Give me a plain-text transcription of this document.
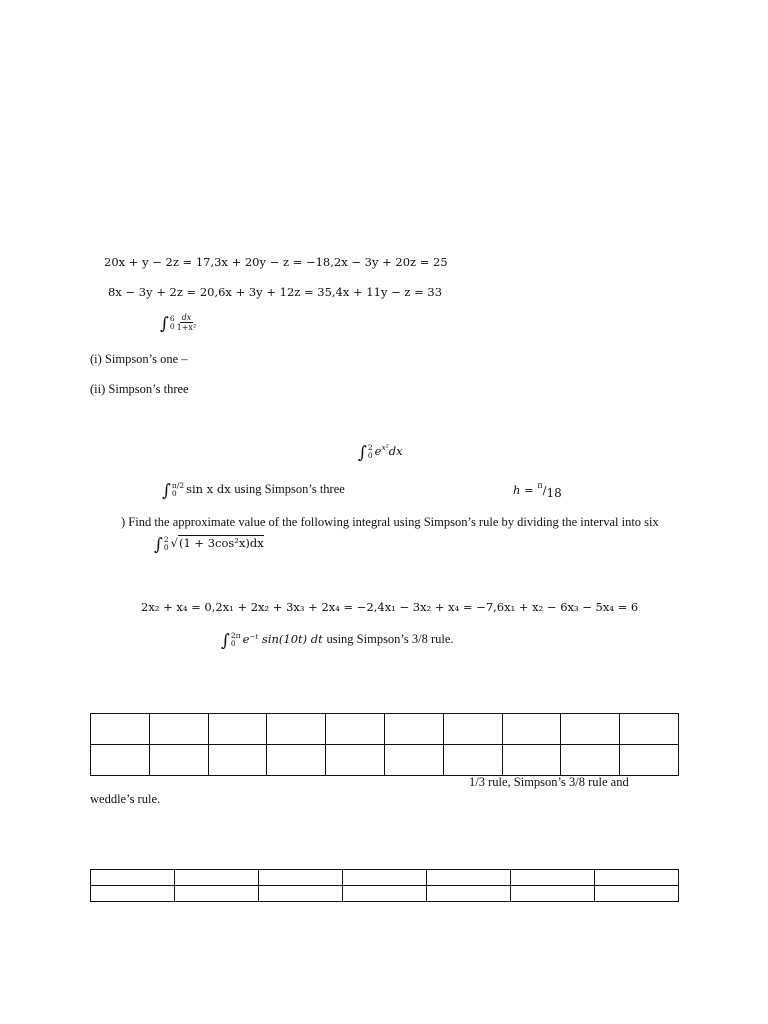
20x + y − 2z = 17,3x + 20y − z = −18,2x − 3y + 20z = 25
8x − 3y + 2z = 20,6x + 3y + 12z = 35,4x + 11y − z = 33
∫ 6
$0 \frac{dx}{\text{1+x²}}$
(i) Simpson’s one –
(ii) Simpson’s three
∫ 2
0 $e^{x^2}dx$
∫ π/2
0 sin x dx using Simpson’s three	h = $^\pi$/18
) Find the approximate value of the following integral using Simpson’s rule by dividing the interval into six
∫ 2
0 √(1 + 3cos²x)dx
2x₂ + x₄ = 0,2x₁ + 2x₂ + 3x₃ + 2x₄ = −2,4x₁ − 3x₂ + x₄ = −7,6x₁ + x₂ − 6x₃ − 5x₄ = 6
∫ 2π
0 e⁻ᵗ sin(10t) dt using Simpson’s 3/8 rule.

1/3 rule, Simpson’s 3/8 rule and
weddle’s rule.
